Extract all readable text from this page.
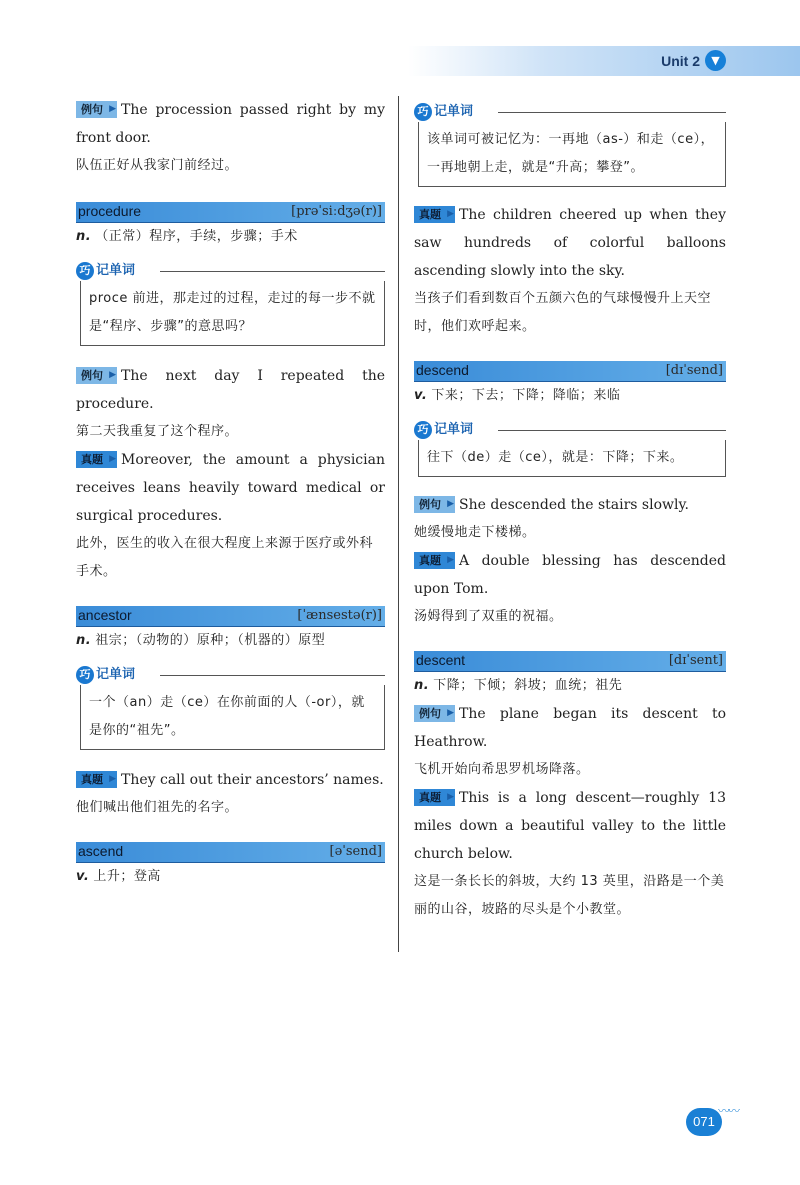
Unit 2	▼

例句 ▶ The procession passed right by my front door.

队伍正好从我家门前经过。

procedure	[prəˈsiːdʒə(r)]

n. （正常）程序，手续，步骤；手术

巧 记单词
proce 前进，那走过的过程，走过的每一步不就是“程序、步骤”的意思吗？

例句 ▶ The next day I repeated the procedure.

第二天我重复了这个程序。

真题 ▶ Moreover, the amount a physician receives leans heavily toward medical or surgical procedures.

此外，医生的收入在很大程度上来源于医疗或外科手术。

ancestor	[ˈænsestə(r)]

n. 祖宗；（动物的）原种；（机器的）原型

巧 记单词
一个（an）走（ce）在你前面的人（-or），就是你的“祖先”。

真题 ▶ They call out their ancestors’ names.

他们喊出他们祖先的名字。

ascend	[əˈsend]

v. 上升；登高

巧 记单词
该单词可被记忆为：一再地（as-）和走（ce），一再地朝上走，就是“升高；攀登”。

真题 ▶ The children cheered up when they saw hundreds of colorful balloons ascending slowly into the sky.

当孩子们看到数百个五颜六色的气球慢慢升上天空时，他们欢呼起来。

descend	[dɪˈsend]

v. 下来；下去；下降；降临；来临

巧 记单词
往下（de）走（ce），就是：下降；下来。

例句 ▶ She descended the stairs slowly.

她缓慢地走下楼梯。

真题 ▶ A double blessing has descended upon Tom.

汤姆得到了双重的祝福。

descent	[dɪˈsent]

n. 下降；下倾；斜坡；血统；祖先

例句 ▶ The plane began its descent to Heathrow.

飞机开始向希思罗机场降落。

真题 ▶ This is a long descent—roughly 13 miles down a beautiful valley to the little church below.

这是一条长长的斜坡，大约 13 英里，沿路是一个美丽的山谷，坡路的尽头是个小教堂。

071
〰〰
